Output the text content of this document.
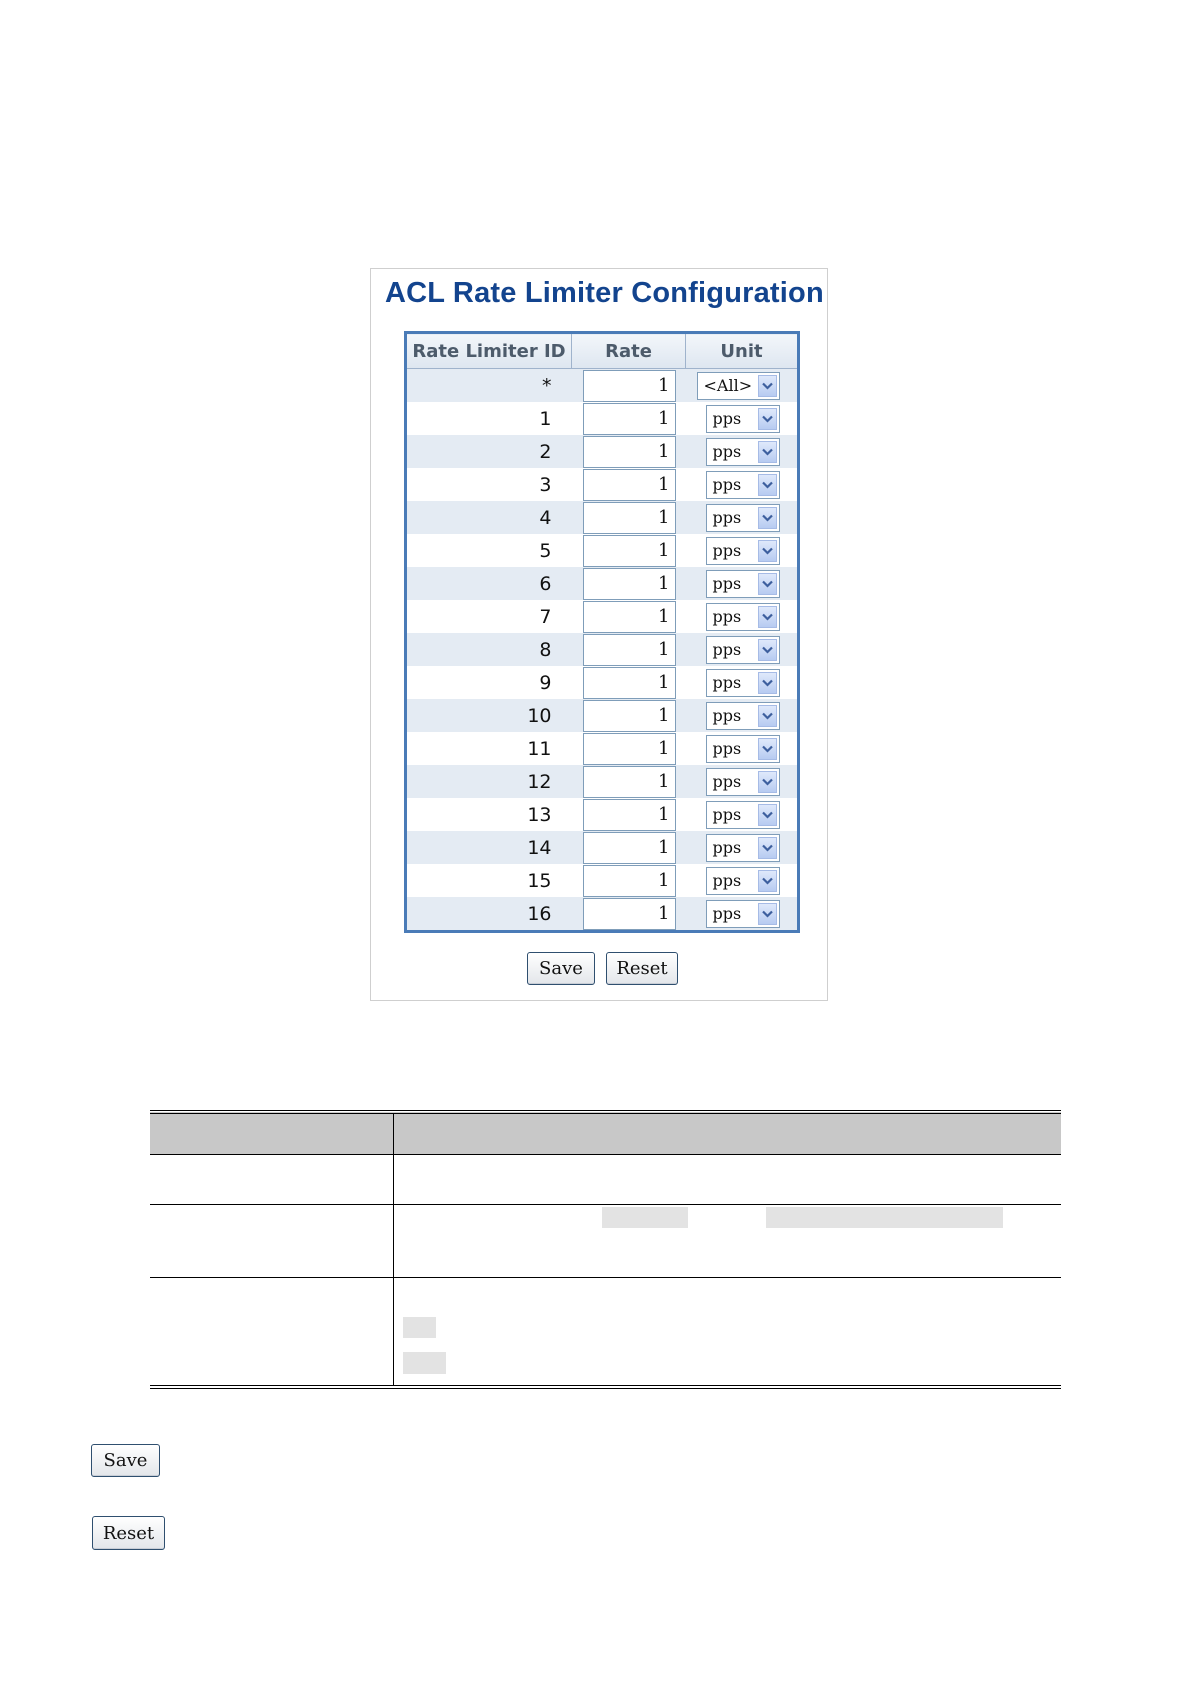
ACL Rate Limiter Configuration
Rate Limiter ID	Rate	Unit
*	1	<All>

1	1	pps

2	1	pps

3	1	pps

4	1	pps

5	1	pps

6	1	pps

7	1	pps

8	1	pps

9	1	pps

10	1	pps

11	1	pps

12	1	pps

13	1	pps

14	1	pps

15	1	pps

16	1	pps
Save	Reset

Save
Reset
